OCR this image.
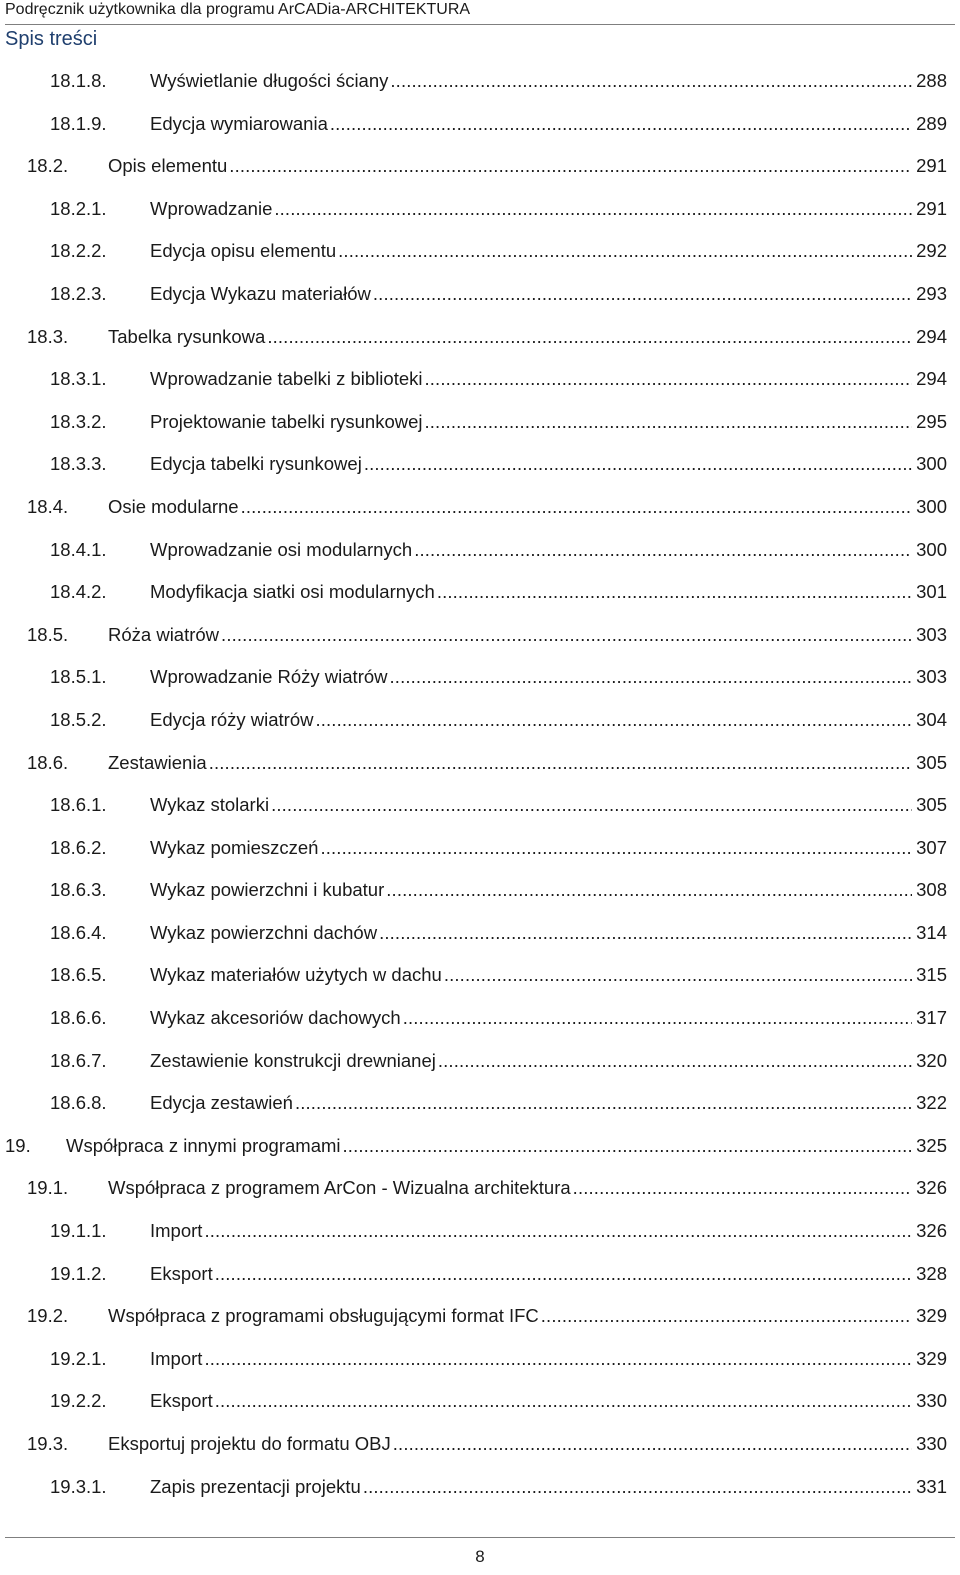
Podręcznik użytkownika dla programu ArCADia-ARCHITEKTURA
Spis treści
18.1.8. Wyświetlanie długości ściany . . .	288
18.1.9. Edycja wymiarowania . . .	289
18.2. Opis elementu . . .	291
18.2.1. Wprowadzanie . . .	291
18.2.2. Edycja opisu elementu . . .	292
18.2.3. Edycja Wykazu materiałów . . .	293
18.3. Tabelka rysunkowa . . .	294
18.3.1. Wprowadzanie tabelki z biblioteki . . .	294
18.3.2. Projektowanie tabelki rysunkowej . . .	295
18.3.3. Edycja tabelki rysunkowej . . .	300
18.4. Osie modularne . . .	300
18.4.1. Wprowadzanie osi modularnych . . .	300
18.4.2. Modyfikacja siatki osi modularnych . . .	301
18.5. Róża wiatrów . . .	303
18.5.1. Wprowadzanie Róży wiatrów . . .	303
18.5.2. Edycja róży wiatrów . . .	304
18.6. Zestawienia . . .	305
18.6.1. Wykaz stolarki . . .	305
18.6.2. Wykaz pomieszczeń . . .	307
18.6.3. Wykaz powierzchni i kubatur . . .	308
18.6.4. Wykaz powierzchni dachów . . .	314
18.6.5. Wykaz materiałów użytych w dachu . . .	315
18.6.6. Wykaz akcesoriów dachowych . . .	317
18.6.7. Zestawienie konstrukcji drewnianej . . .	320
18.6.8. Edycja zestawień . . .	322
19. Współpraca z innymi programami . . .	325
19.1. Współpraca z programem ArCon - Wizualna architektura . . .	326
19.1.1. Import . . .	326
19.1.2. Eksport . . .	328
19.2. Współpraca z programami obsługującymi format IFC . . .	329
19.2.1. Import . . .	329
19.2.2. Eksport . . .	330
19.3. Eksportuj projektu do formatu OBJ . . .	330
19.3.1. Zapis prezentacji projektu . . .	331
8
